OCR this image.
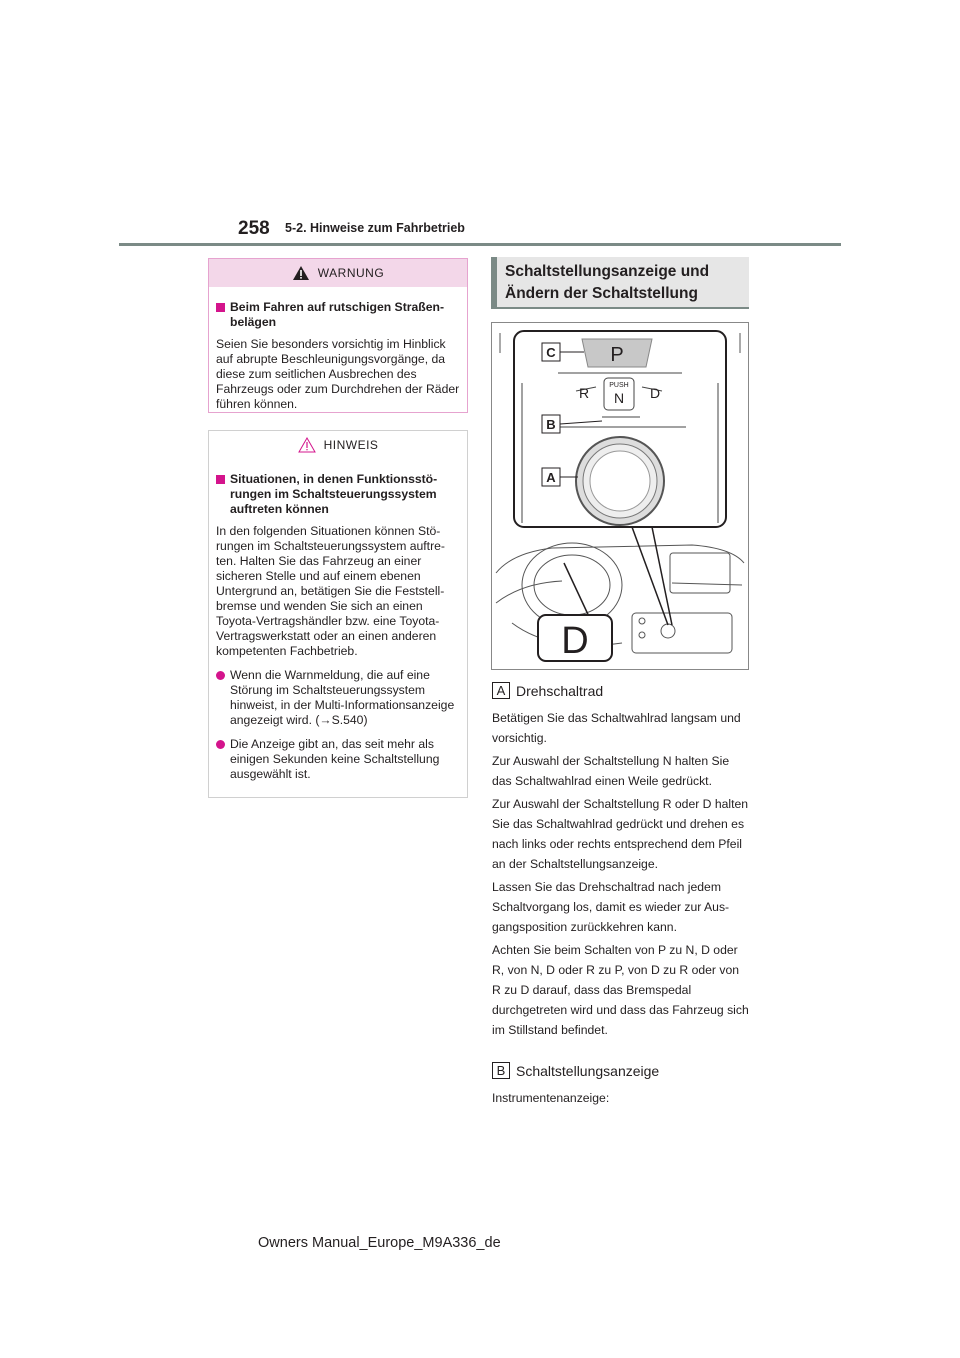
258 5-2. Hinweise zum Fahrbetrieb
WARNUNG
Beim Fahren auf rutschigen Straßenbelägen
Seien Sie besonders vorsichtig im Hinblick auf abrupte Beschleunigungsvorgänge, da diese zum seitlichen Ausbrechen des Fahrzeugs oder zum Durchdrehen der Räder führen können.
HINWEIS
Situationen, in denen Funktionsstörungen im Schaltsteuerungssystem auftreten können
In den folgenden Situationen können Störungen im Schaltsteuerungssystem auftreten. Halten Sie das Fahrzeug an einer sicheren Stelle und auf einem ebenen Untergrund an, betätigen Sie die Feststellbremse und wenden Sie sich an einen Toyota-Vertragshändler bzw. eine Toyota-Vertragswerkstatt oder an einen anderen kompetenten Fachbetrieb.
Wenn die Warnmeldung, die auf eine Störung im Schaltsteuerungssystem hinweist, in der Multi-Informationsanzeige angezeigt wird. (→S.540)
Die Anzeige gibt an, das seit mehr als einigen Sekunden keine Schaltstellung ausgewählt ist.
Schaltstellungsanzeige und Ändern der Schaltstellung
P
R	PUSH
N D
C
B
A
D
A Drehschaltrad

Betätigen Sie das Schaltwahlrad langsam und vorsichtig.

Zur Auswahl der Schaltstellung N halten Sie das Schaltwahlrad einen Weile gedrückt.

Zur Auswahl der Schaltstellung R oder D halten Sie das Schaltwahlrad gedrückt und drehen es nach links oder rechts entsprechend dem Pfeil an der Schaltstellungsanzeige.

Lassen Sie das Drehschaltrad nach jedem Schaltvorgang los, damit es wieder zur Ausgangsposition zurückkehren kann.

Achten Sie beim Schalten von P zu N, D oder R, von N, D oder R zu P, von D zu R oder von R zu D darauf, dass das Bremspedal durchgetreten wird und dass das Fahrzeug sich im Stillstand befindet.

B Schaltstellungsanzeige
Instrumentenanzeige:
Owners Manual_Europe_M9A336_de
